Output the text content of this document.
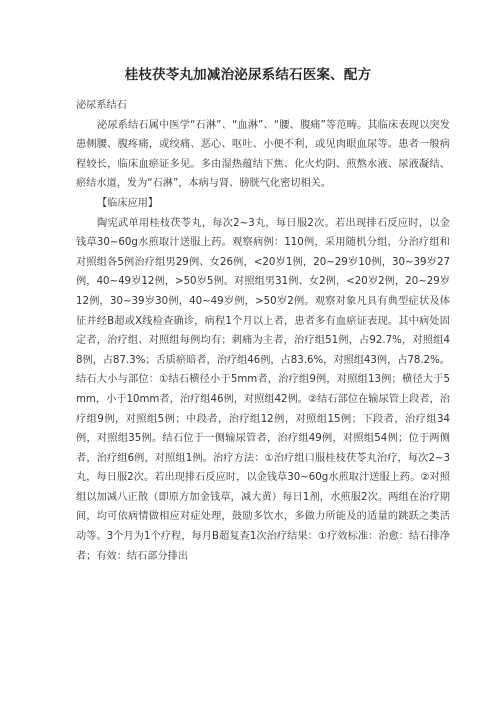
桂枝茯苓丸加减治泌尿系结石医案、配方

泌尿系结石

泌尿系结石属中医学“石淋”、“血淋”、“腰、腹痛”等范畴。其临床表现以突发患侧腰、腹疼痛，或绞痛、恶心、呕吐、小便不利，或见肉眼血尿等。患者一般病程较长，临床血瘀证多见。多由湿热蕴结下焦、化火灼阴、煎熬水液、尿液凝结、瘀结水道，发为“石淋”，本病与肾、膀胱气化密切相关。

【临床应用】

陶宪武单用桂枝茯苓丸，每次2~3丸，每日服2次。若出现排石反应时，以金钱草30~60g水煎取汁送服上药。观察病例：110例，采用随机分组，分治疗组和对照组各5例治疗组男29例、女26例，<20岁1例，20~29岁10例，30~39岁27例，40~49岁12例，>50岁5例。对照组男31例、女2例，<20岁2例，20~29岁12例，30~39岁30例，40~49岁例，>50岁2例。观察对象凡具有典型症状及体征并经B超或X线检查确诊，病程1个月以上者，患者多有血瘀证表现。其中病处固定者，治疗组、对照组每例均有；刺痛为主者，治疗组51例，占92.7%，对照组48例，占87.3%；舌质瘀暗者，治疗组46例，占83.6%，对照组43例，占78.2%。结石大小与部位：①结石横径小于5mm者，治疗组9例，对照组13例；横径大于5mm，小于10mm者，治疗组46例，对照组42例。②结石部位在输尿管上段者，治疗组9例，对照组5例；中段者，治疗组12例，对照组15例；下段者，治疗组34例，对照组35例。结石位于一侧输尿管者，治疗组49例，对照组54例；位于两侧者，治疗组6例，对照组1例。治疗方法：①治疗组口服桂枝茯苓丸治疗，每次2~3丸，每日服2次。若出现排石反应时，以金钱草30~60g水煎取汁送服上药。②对照组以加减八正散（即原方加金钱草，减大黄）每日1剂，水煎服2次。两组在治疗期间，均可依病情做相应对症处理，鼓励多饮水，多做力所能及的适量的跳跃之类活动等。3个月为1个疗程，每月B超复查1次治疗结果：①疗效标准：治愈：结石排净者；有效：结石部分排出
